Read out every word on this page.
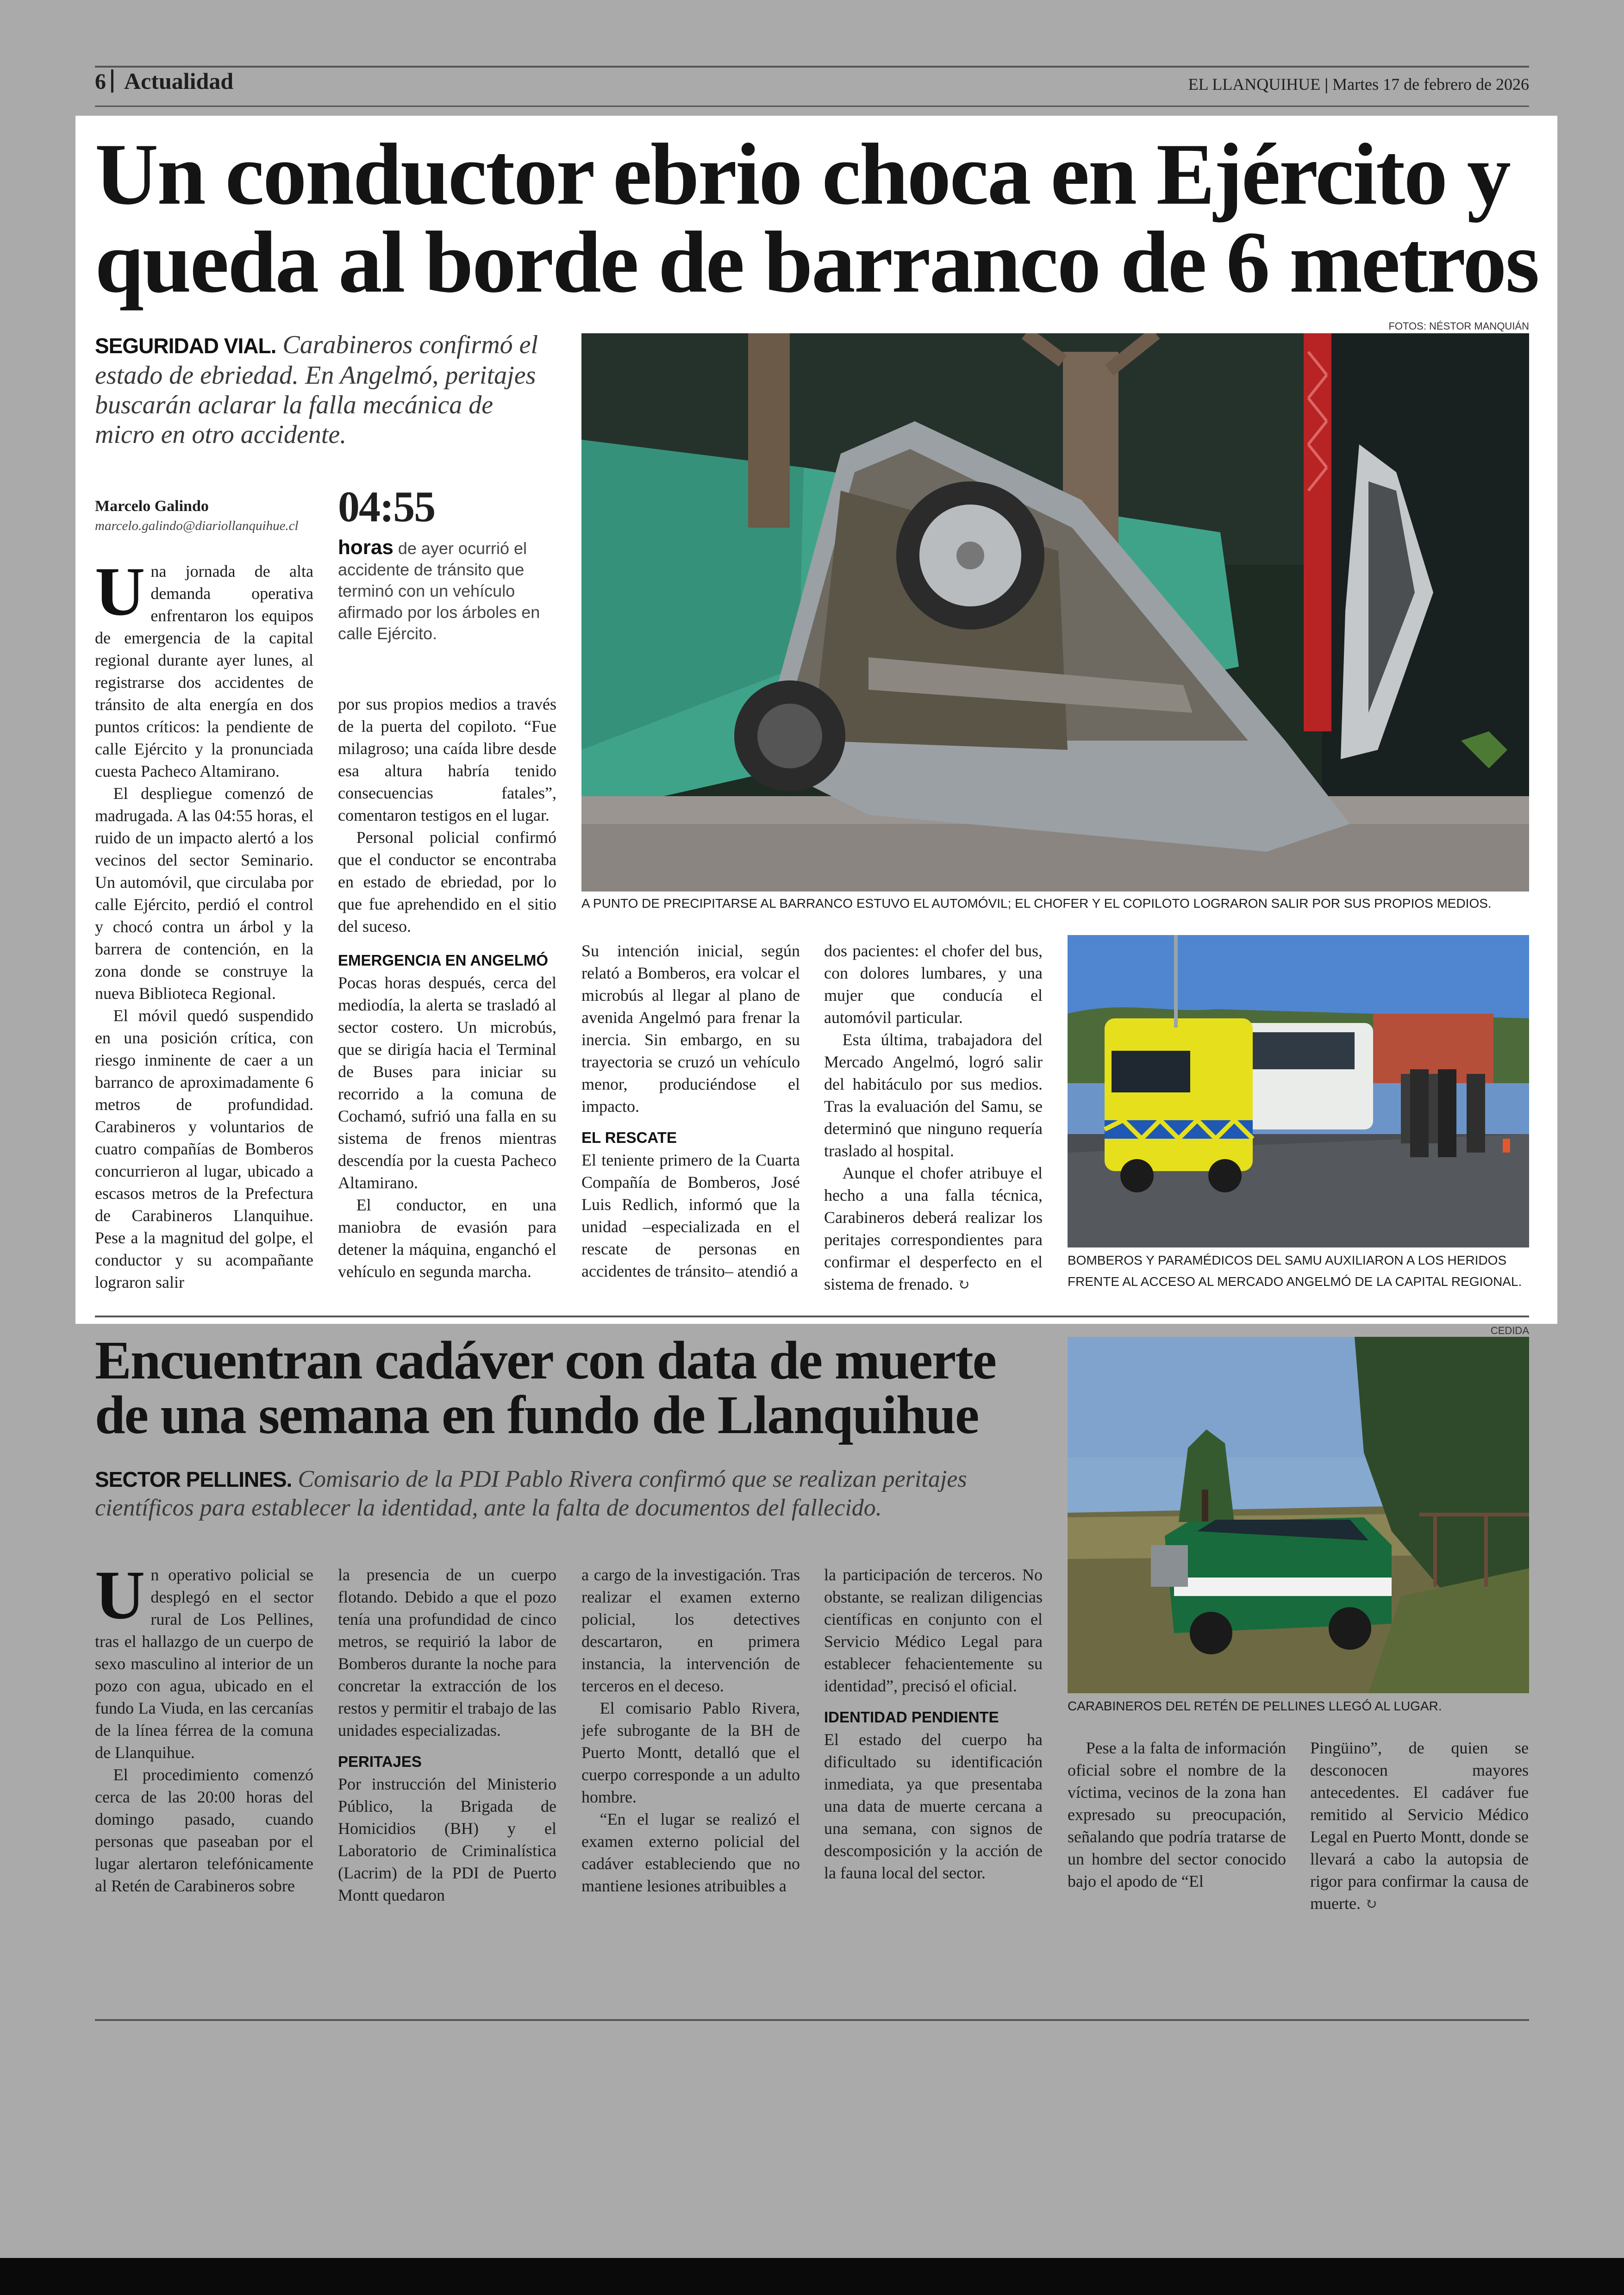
6 Actualidad	EL LLANQUIHUE | Martes 17 de febrero de 2026
Un conductor ebrio choca en Ejército y
queda al borde de barranco de 6 metros
FOTOS: NÉSTOR MANQUIÁN
SEGURIDAD VIAL. Carabineros confirmó el estado de ebriedad. En Angelmó, peritajes buscarán aclarar la falla mecánica de micro en otro accidente.
Marcelo Galindo
marcelo.galindo@diariollanquihue.cl 04:55
horas de ayer ocurrió el accidente de tránsito que terminó con un vehículo afirmado por los árboles en calle Ejército.
A PUNTO DE PRECIPITARSE AL BARRANCO ESTUVO EL AUTOMÓVIL; EL CHOFER Y EL COPILOTO LOGRARON SALIR POR SUS PROPIOS MEDIOS.
BOMBEROS Y PARAMÉDICOS DEL SAMU AUXILIARON A LOS HERIDOS FRENTE AL ACCESO AL MERCADO ANGELMÓ DE LA CAPITAL REGIONAL.

Una jornada de alta demanda operativa enfrentaron los equipos de emergencia de la capital regional durante ayer lunes, al registrarse dos accidentes de tránsito de alta energía en dos puntos críticos: la pendiente de calle Ejército y la pronunciada cuesta Pacheco Altamirano.

El despliegue comenzó de madrugada. A las 04:55 horas, el ruido de un impacto alertó a los vecinos del sector Seminario. Un automóvil, que circulaba por calle Ejército, perdió el control y chocó contra un árbol y la barrera de contención, en la zona donde se construye la nueva Biblioteca Regional.

El móvil quedó suspendido en una posición crítica, con riesgo inminente de caer a un barranco de aproximadamente 6 metros de profundidad. Carabineros y voluntarios de cuatro compañías de Bomberos concurrieron al lugar, ubicado a escasos metros de la Prefectura de Carabineros Llanquihue. Pese a la magnitud del golpe, el conductor y su acompañante lograron salir

por sus propios medios a través de la puerta del copiloto. “Fue milagroso; una caída libre desde esa altura habría tenido consecuencias fatales”, comentaron testigos en el lugar.

Personal policial confirmó que el conductor se encontraba en estado de ebriedad, por lo que fue aprehendido en el sitio del suceso.

EMERGENCIA EN ANGELMÓ

Pocas horas después, cerca del mediodía, la alerta se trasladó al sector costero. Un microbús, que se dirigía hacia el Terminal de Buses para iniciar su recorrido a la comuna de Cochamó, sufrió una falla en su sistema de frenos mientras descendía por la cuesta Pacheco Altamirano.

El conductor, en una maniobra de evasión para detener la máquina, enganchó el vehículo en segunda marcha.

Su intención inicial, según relató a Bomberos, era volcar el microbús al llegar al plano de avenida Angelmó para frenar la inercia. Sin embargo, en su trayectoria se cruzó un vehículo menor, produciéndose el impacto.

EL RESCATE

El teniente primero de la Cuarta Compañía de Bomberos, José Luis Redlich, informó que la unidad –especializada en el rescate de personas en accidentes de tránsito– atendió a

dos pacientes: el chofer del bus, con dolores lumbares, y una mujer que conducía el automóvil particular.

Esta última, trabajadora del Mercado Angelmó, logró salir del habitáculo por sus medios. Tras la evaluación del Samu, se determinó que ninguno requería traslado al hospital.

Aunque el chofer atribuye el hecho a una falla técnica, Carabineros deberá realizar los peritajes correspondientes para confirmar el desperfecto en el sistema de frenado. ↻

Encuentran cadáver con data de muerte
de una semana en fundo de Llanquihue
SECTOR PELLINES. Comisario de la PDI Pablo Rivera confirmó que se realizan peritajes científicos para establecer la identidad, ante la falta de documentos del fallecido.
CEDIDA
CARABINEROS DEL RETÉN DE PELLINES LLEGÓ AL LUGAR.

Un operativo policial se desplegó en el sector rural de Los Pellines, tras el hallazgo de un cuerpo de sexo masculino al interior de un pozo con agua, ubicado en el fundo La Viuda, en las cercanías de la línea férrea de la comuna de Llanquihue.

El procedimiento comenzó cerca de las 20:00 horas del domingo pasado, cuando personas que paseaban por el lugar alertaron telefónicamente al Retén de Carabineros sobre

la presencia de un cuerpo flotando. Debido a que el pozo tenía una profundidad de cinco metros, se requirió la labor de Bomberos durante la noche para concretar la extracción de los restos y permitir el trabajo de las unidades especializadas.

PERITAJES

Por instrucción del Ministerio Público, la Brigada de Homicidios (BH) y el Laboratorio de Criminalística (Lacrim) de la PDI de Puerto Montt quedaron

a cargo de la investigación. Tras realizar el examen externo policial, los detectives descartaron, en primera instancia, la intervención de terceros en el deceso.

El comisario Pablo Rivera, jefe subrogante de la BH de Puerto Montt, detalló que el cuerpo corresponde a un adulto hombre.

“En el lugar se realizó el examen externo policial del cadáver estableciendo que no mantiene lesiones atribuibles a

la participación de terceros. No obstante, se realizan diligencias científicas en conjunto con el Servicio Médico Legal para establecer fehacientemente su identidad”, precisó el oficial.

IDENTIDAD PENDIENTE

El estado del cuerpo ha dificultado su identificación inmediata, ya que presentaba una data de muerte cercana a una semana, con signos de descomposición y la acción de la fauna local del sector.

Pese a la falta de información oficial sobre el nombre de la víctima, vecinos de la zona han expresado su preocupación, señalando que podría tratarse de un hombre del sector conocido bajo el apodo de “El

Pingüino”, de quien se desconocen mayores antecedentes. El cadáver fue remitido al Servicio Médico Legal en Puerto Montt, donde se llevará a cabo la autopsia de rigor para confirmar la causa de muerte. ↻
